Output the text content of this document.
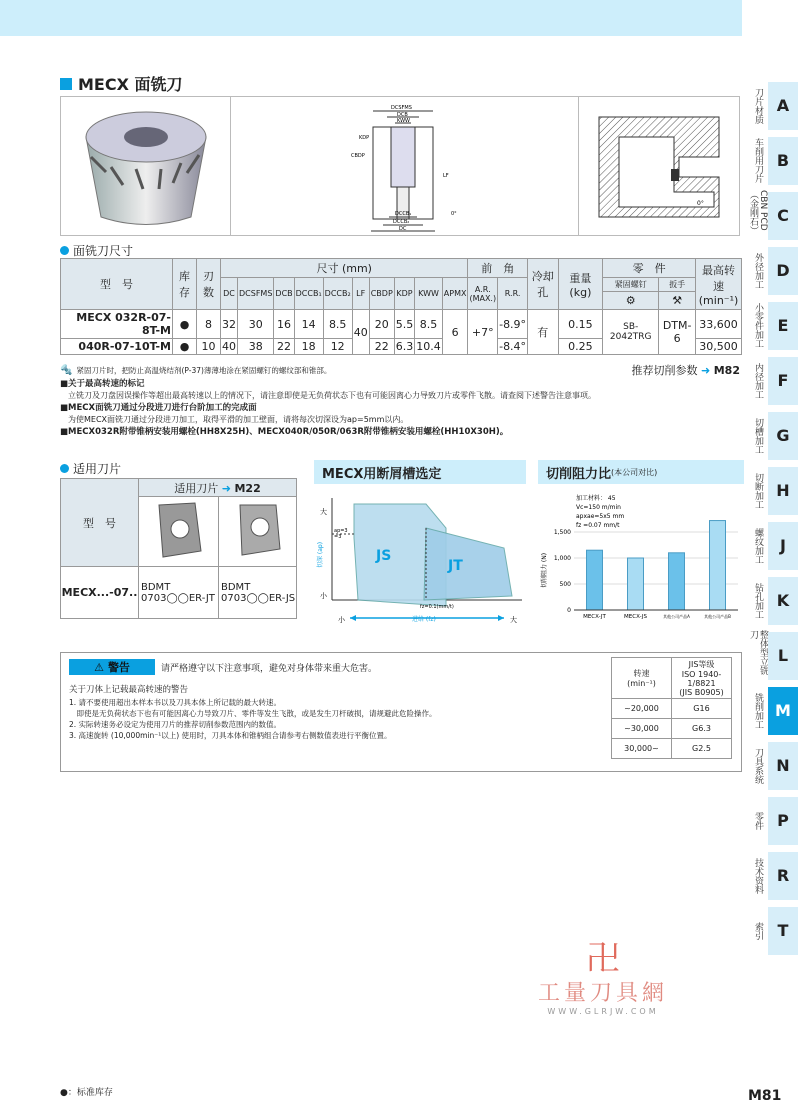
MECX 面铣刀
DCSFMS
DCB
KWW
CBDP
KDP
LF
DCCB₁
DCCB₂
DC
0°
0°
面铣刀尺寸
型　号	库存	刃数	尺寸 (mm)										前　角		冷却孔	重量 (kg)	零　件		最高转速
(min⁻¹)
			DC	DCSFMS	DCB	DCCB₁	DCCB₂	LF	CBDP	KDP	KWW	APMX	A.R.
(MAX.)	R.R.			紧固螺钉	扳手	
																	⚙	⚒	
MECX 032R-07-8T-M	●	8	32	30	16	14	8.5	40	20	5.5	8.5	6	+7°	-8.9°	有	0.15	SB-2042TRG	DTM-6	33,600
040R-07-10T-M	●	10	40	38	22	18	12		22	6.3	10.4			-8.4°		0.25			30,500
🔩 紧固刀片时，把防止高温烧结剂(P-37)薄薄地涂在紧固螺钉的螺纹部和锥部。	推荐切削参数 ➜ M82
■关于最高转速的标记
立铣刀及刀盘因误操作等超出最高转速以上的情况下，请注意即使是无负荷状态下也有可能因离心力导致刀片或零件飞散。请查阅下述警告注意事项。
■MECX面铣刀通过分段进刀进行台阶加工的完成面
为使MECX面铣刀通过分段进刀加工，取得平滑的加工壁面，请将每次切深设为ap=5mm以内。
■MECX032R附带锥柄安装用螺栓(HH8X25H)、MECX040R/050R/063R附带锥柄安装用螺栓(HH10X30H)。
适用刀片
型　号	适用刀片 ➜ M22	

MECX...-07..	BDMT
0703◯◯ER-JT	BDMT
0703◯◯ER-JS
MECX用断屑槽选定
JS
JT
ap=3
=3
fz=0.1(mm/t)
大
小
切深 (ap)
小	大
进给 (fz)
切削阻力比 (本公司对比)
加工材料： 45
Vc=150 m/min
apxae=5x5 mm
fz =0.07 mm/t
切削阻力 (N)
0
500
1,000
1,500
MECX-JT	MECX-JS	其他公司产品A	其他公司产品B
⚠ 警告	请严格遵守以下注意事项，避免对身体带来重大危害。
关于刀体上记载最高转速的警告
1. 请不要使用超出本样本书以及刀具本体上所记载的最大转速。
　即使是无负荷状态下也有可能因离心力导致刀片、零件等发生飞散，或是发生刀杆破损，请规避此危险操作。
2. 实际转速务必设定为使用刀片的推荐切削参数范围内的数值。
3. 高速旋转 (10,000min⁻¹以上) 使用时，刀具本体和锥柄组合请参考右侧数值表进行平衡位置。
转速
(min⁻¹)	JIS等级
ISO 1940-
1/8821
(JIS B0905)
~20,000	G16
~30,000	G6.3
30,000~	G2.5
刀片材质 A
车削用刀片 B
CBN PCD（金刚石）	C
外径加工 D
小零件加工 E
内径加工 F
切槽加工 G
切断加工 H
螺纹加工	J
钻孔加工 K
整体型立铣刀
L
铣削加工 M
刀具系统 N
零件 P
技术资料 R
索引 T
卍
工量刀具網
WWW.GLRJW.COM
●：标准库存	M81
